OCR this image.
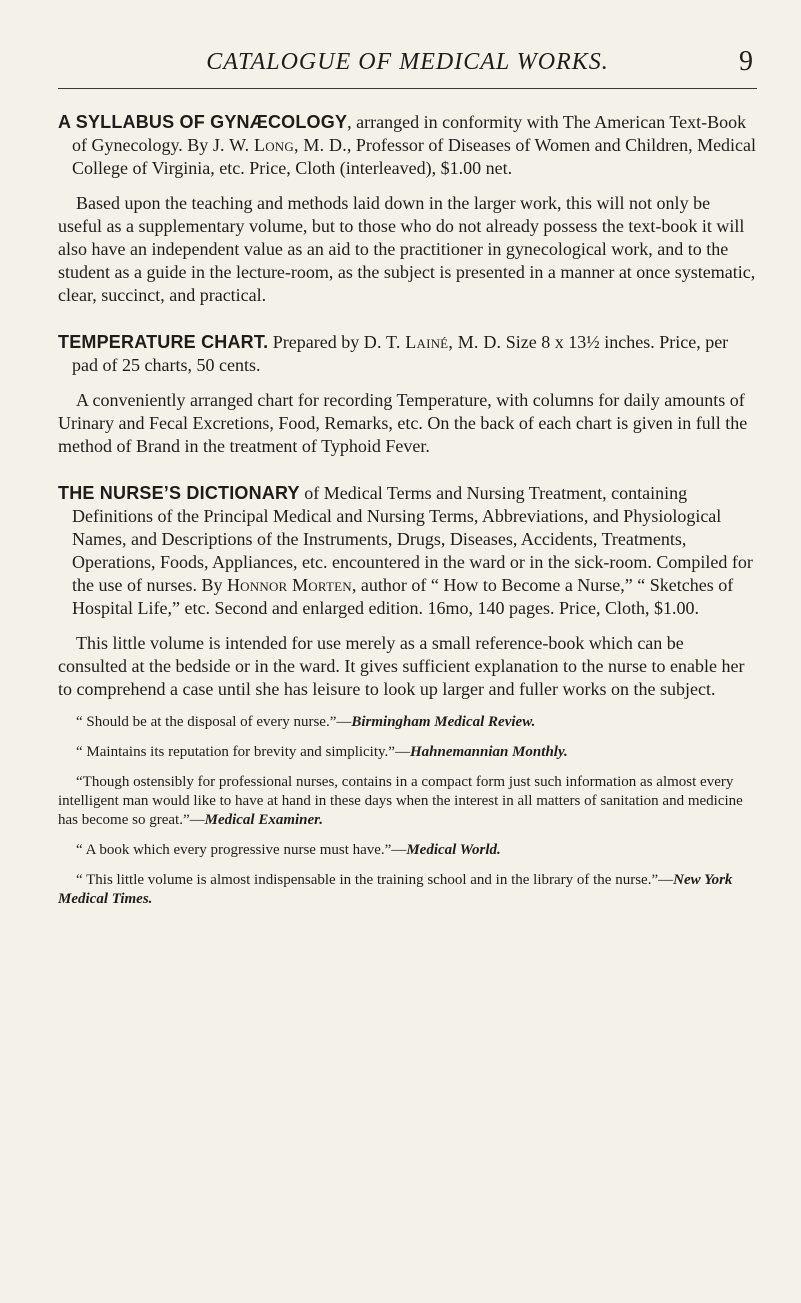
CATALOGUE OF MEDICAL WORKS.	9

A SYLLABUS OF GYNÆCOLOGY, arranged in conformity with The American Text-Book of Gynecology. By J. W. Long, M. D., Professor of Diseases of Women and Children, Medical College of Virginia, etc. Price, Cloth (interleaved), $1.00 net.

Based upon the teaching and methods laid down in the larger work, this will not only be useful as a supplementary volume, but to those who do not already possess the text-book it will also have an independent value as an aid to the practitioner in gynecological work, and to the student as a guide in the lecture-room, as the subject is presented in a manner at once systematic, clear, succinct, and practical.

TEMPERATURE CHART. Prepared by D. T. Lainé, M. D. Size 8 x 13½ inches. Price, per pad of 25 charts, 50 cents.

A conveniently arranged chart for recording Temperature, with columns for daily amounts of Urinary and Fecal Excretions, Food, Remarks, etc. On the back of each chart is given in full the method of Brand in the treatment of Typhoid Fever.

THE NURSE’S DICTIONARY of Medical Terms and Nursing Treatment, containing Definitions of the Principal Medical and Nursing Terms, Abbreviations, and Physiological Names, and Descriptions of the Instruments, Drugs, Diseases, Accidents, Treatments, Operations, Foods, Appliances, etc. encountered in the ward or in the sick-room. Compiled for the use of nurses. By Honnor Morten, author of “ How to Become a Nurse,” “ Sketches of Hospital Life,” etc. Second and enlarged edition. 16mo, 140 pages. Price, Cloth, $1.00.

This little volume is intended for use merely as a small reference-book which can be consulted at the bedside or in the ward. It gives sufficient explanation to the nurse to enable her to comprehend a case until she has leisure to look up larger and fuller works on the subject.

“ Should be at the disposal of every nurse.”—Birmingham Medical Review.

“ Maintains its reputation for brevity and simplicity.”—Hahnemannian Monthly.

“Though ostensibly for professional nurses, contains in a compact form just such information as almost every intelligent man would like to have at hand in these days when the interest in all matters of sanitation and medicine has become so great.”—Medical Examiner.

“ A book which every progressive nurse must have.”—Medical World.

“ This little volume is almost indispensable in the training school and in the library of the nurse.”—New York Medical Times.
